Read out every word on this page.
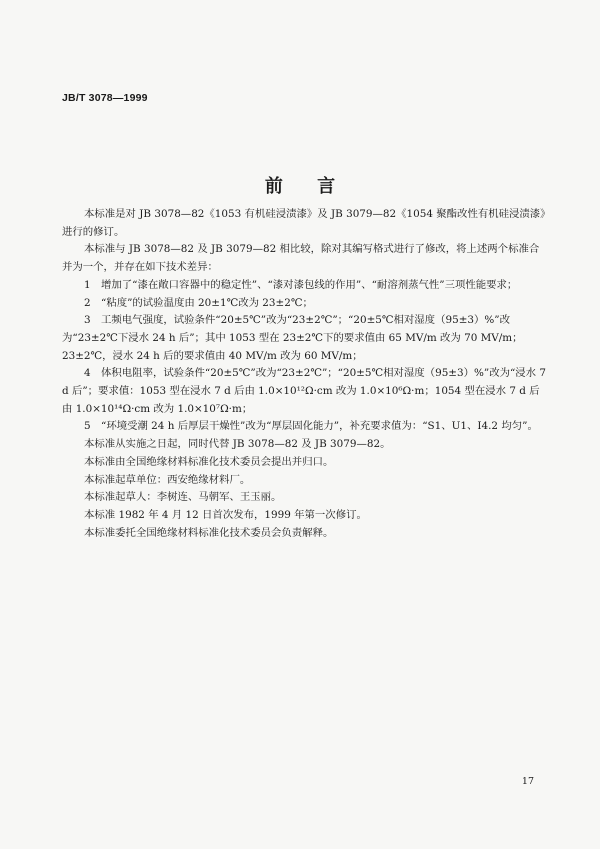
JB/T 3078—1999
前 言

本标准是对 JB 3078—82《1053 有机硅浸渍漆》及 JB 3079—82《1054 聚酯改性有机硅浸渍漆》进行的修订。

本标准与 JB 3078—82 及 JB 3079—82 相比较，除对其编写格式进行了修改，将上述两个标准合并为一个，并存在如下技术差异：

1　增加了“漆在敞口容器中的稳定性”、“漆对漆包线的作用”、“耐溶剂蒸气性”三项性能要求；

2　“粘度”的试验温度由 20±1℃改为 23±2℃；

3　工频电气强度，试验条件“20±5℃”改为“23±2℃”；“20±5℃相对湿度（95±3）%”改为“23±2℃下浸水 24 h 后”；其中 1053 型在 23±2℃下的要求值由 65 MV/m 改为 70 MV/m；23±2℃，浸水 24 h 后的要求值由 40 MV/m 改为 60 MV/m；

4　体积电阻率，试验条件“20±5℃”改为“23±2℃”；“20±5℃相对湿度（95±3）%”改为“浸水 7 d 后”；要求值：1053 型在浸水 7 d 后由 1.0×10¹²Ω·cm 改为 1.0×10⁶Ω·m；1054 型在浸水 7 d 后由 1.0×10¹⁴Ω·cm 改为 1.0×10⁷Ω·m；

5　“环境受潮 24 h 后厚层干燥性”改为“厚层固化能力”，补充要求值为：“S1、U1、I4.2 均匀”。

本标准从实施之日起，同时代替 JB 3078—82 及 JB 3079—82。

本标准由全国绝缘材料标准化技术委员会提出并归口。

本标准起草单位：西安绝缘材料厂。

本标准起草人：李树连、马朝军、王玉丽。

本标准 1982 年 4 月 12 日首次发布，1999 年第一次修订。

本标准委托全国绝缘材料标准化技术委员会负责解释。

17
